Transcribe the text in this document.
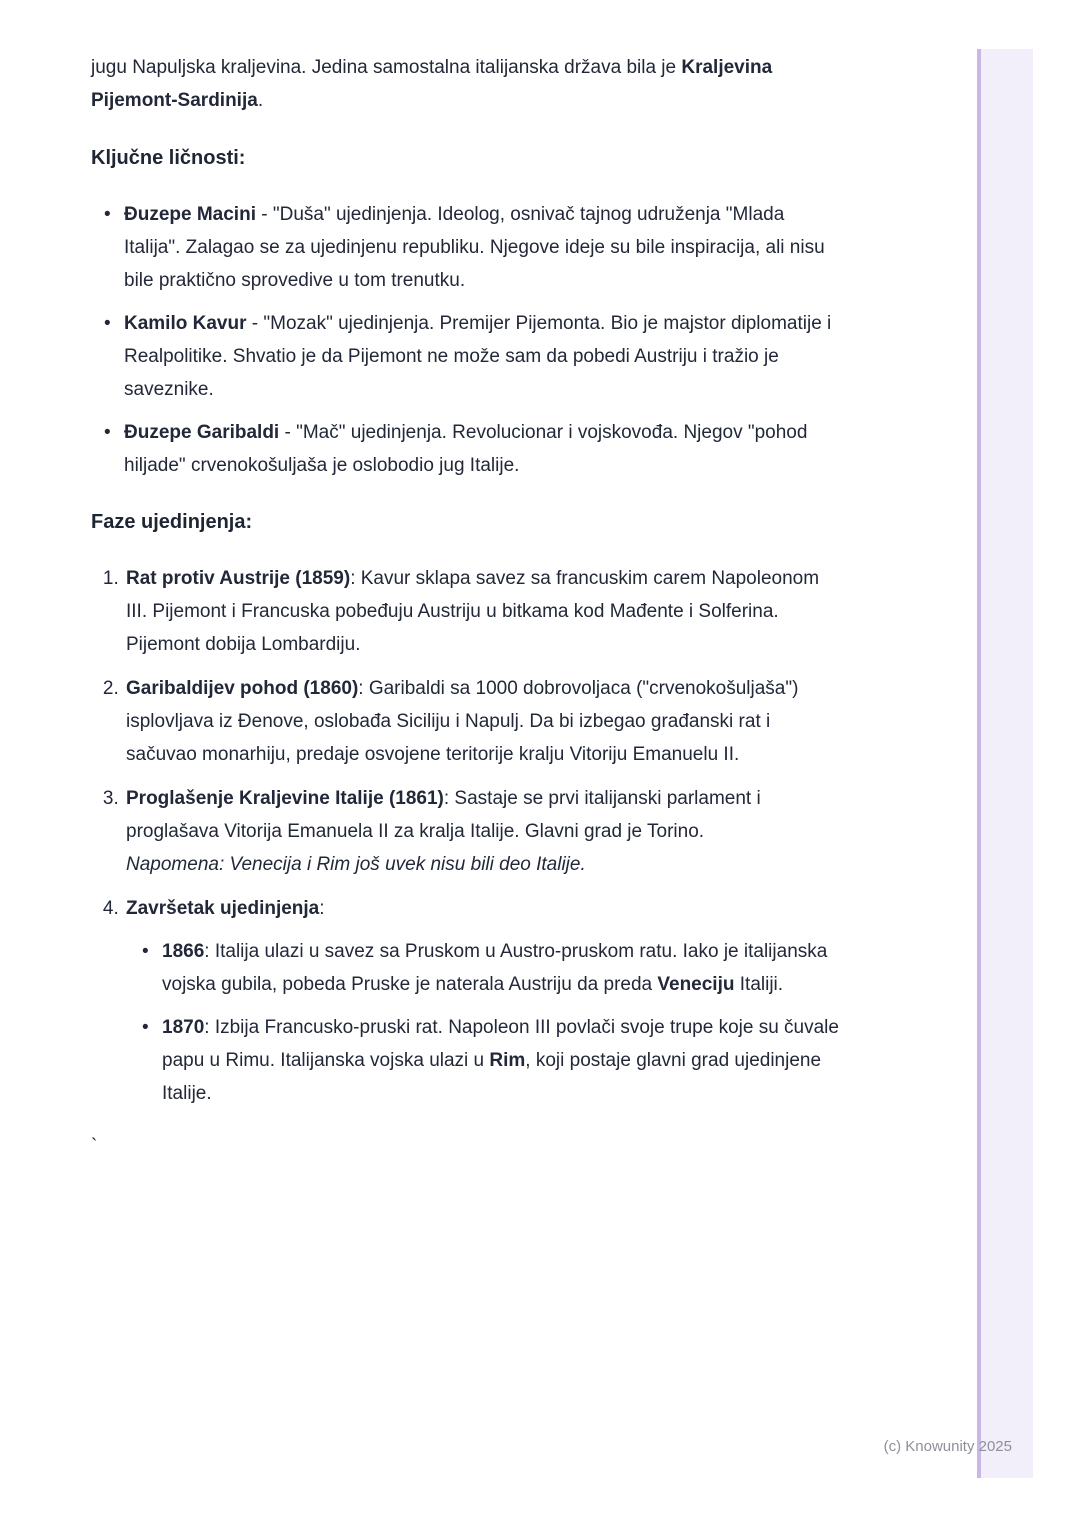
jugu Napuljska kraljevina. Jedina samostalna italijanska država bila je Kraljevina Pijemont-Sardinija.

Ključne ličnosti:
• Đuzepe Macini - "Duša" ujedinjenja. Ideolog, osnivač tajnog udruženja "Mlada Italija". Zalagao se za ujedinjenu republiku. Njegove ideje su bile inspiracija, ali nisu bile praktično sprovedive u tom trenutku.
• Kamilo Kavur - "Mozak" ujedinjenja. Premijer Pijemonta. Bio je majstor diplomatije i Realpolitike. Shvatio je da Pijemont ne može sam da pobedi Austriju i tražio je saveznike.
• Đuzepe Garibaldi - "Mač" ujedinjenja. Revolucionar i vojskovođa. Njegov "pohod hiljade" crvenokošuljaša je oslobodio jug Italije.
Faze ujedinjenja:
1. Rat protiv Austrije (1859): Kavur sklapa savez sa francuskim carem Napoleonom III. Pijemont i Francuska pobeđuju Austriju u bitkama kod Mađente i Solferina. Pijemont dobija Lombardiju.
2. Garibaldijev pohod (1860): Garibaldi sa 1000 dobrovoljaca ("crvenokošuljaša") isplovljava iz Đenove, oslobađa Siciliju i Napulj. Da bi izbegao građanski rat i sačuvao monarhiju, predaje osvojene teritorije kralju Vitoriju Emanuelu II.
3. Proglašenje Kraljevine Italije (1861): Sastaje se prvi italijanski parlament i proglašava Vitorija Emanuela II za kralja Italije. Glavni grad je Torino.
Napomena: Venecija i Rim još uvek nisu bili deo Italije.
4. Završetak ujedinjenja:
• 1866: Italija ulazi u savez sa Pruskom u Austro-pruskom ratu. Iako je italijanska vojska gubila, pobeda Pruske je naterala Austriju da preda Veneciju Italiji.
• 1870: Izbija Francusko-pruski rat. Napoleon III povlači svoje trupe koje su čuvale papu u Rimu. Italijanska vojska ulazi u Rim, koji postaje glavni grad ujedinjene Italije.

`

(c) Knowunity 2025
